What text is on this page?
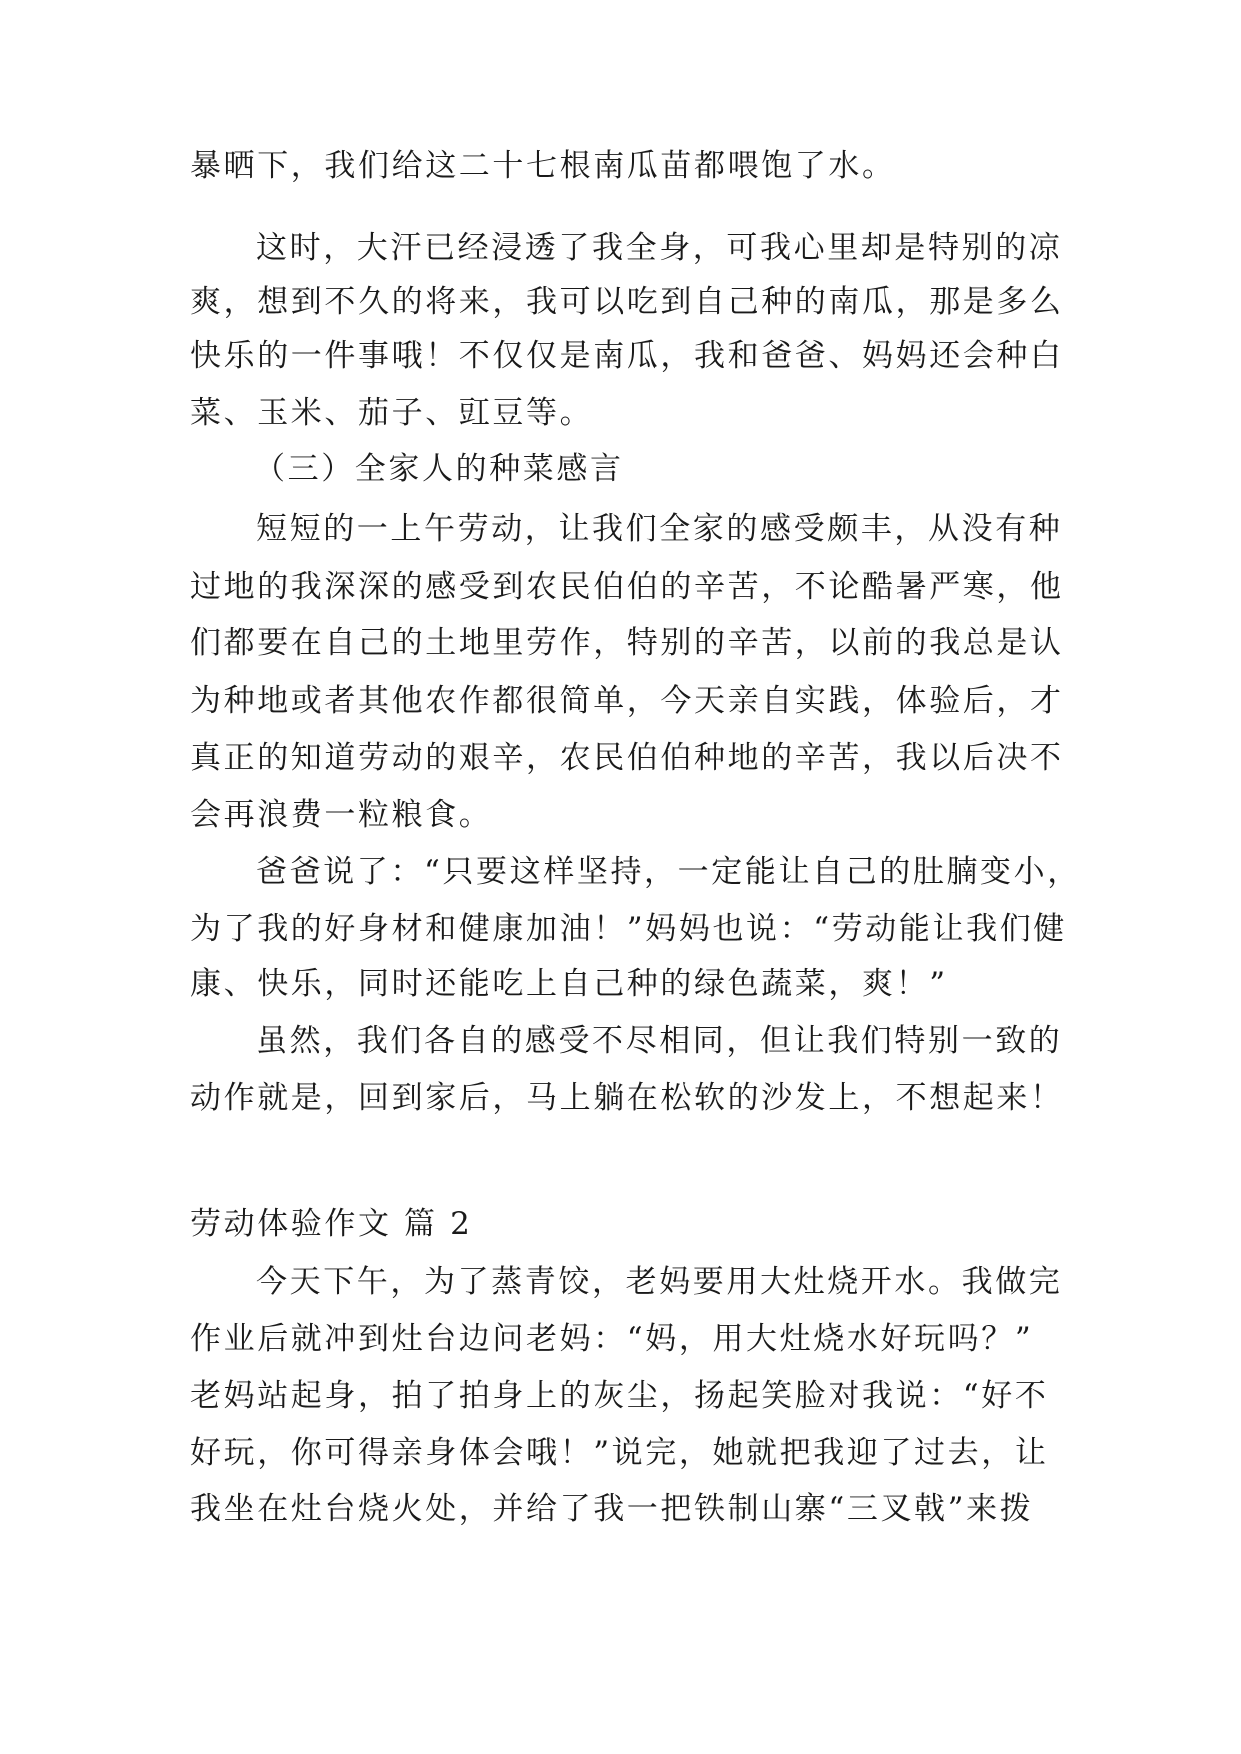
暴晒下，我们给这二十七根南瓜苗都喂饱了水。
这时，大汗已经浸透了我全身，可我心里却是特别的凉
爽，想到不久的将来，我可以吃到自己种的南瓜，那是多么
快乐的一件事哦！不仅仅是南瓜，我和爸爸、妈妈还会种白
菜、玉米、茄子、豇豆等。
（三）全家人的种菜感言
短短的一上午劳动，让我们全家的感受颇丰，从没有种
过地的我深深的感受到农民伯伯的辛苦，不论酷暑严寒，他
们都要在自己的土地里劳作，特别的辛苦，以前的我总是认
为种地或者其他农作都很简单，今天亲自实践，体验后，才
真正的知道劳动的艰辛，农民伯伯种地的辛苦，我以后决不
会再浪费一粒粮食。
爸爸说了：“只要这样坚持，一定能让自己的肚腩变小，
为了我的好身材和健康加油！”妈妈也说：“劳动能让我们健
康、快乐，同时还能吃上自己种的绿色蔬菜，爽！”
虽然，我们各自的感受不尽相同，但让我们特别一致的
动作就是，回到家后，马上躺在松软的沙发上，不想起来！
劳动体验作文 篇 2
今天下午，为了蒸青饺，老妈要用大灶烧开水。我做完
作业后就冲到灶台边问老妈：“妈，用大灶烧水好玩吗？”
老妈站起身，拍了拍身上的灰尘，扬起笑脸对我说：“好不
好玩，你可得亲身体会哦！”说完，她就把我迎了过去，让
我坐在灶台烧火处，并给了我一把铁制山寨“三叉戟”来拨
